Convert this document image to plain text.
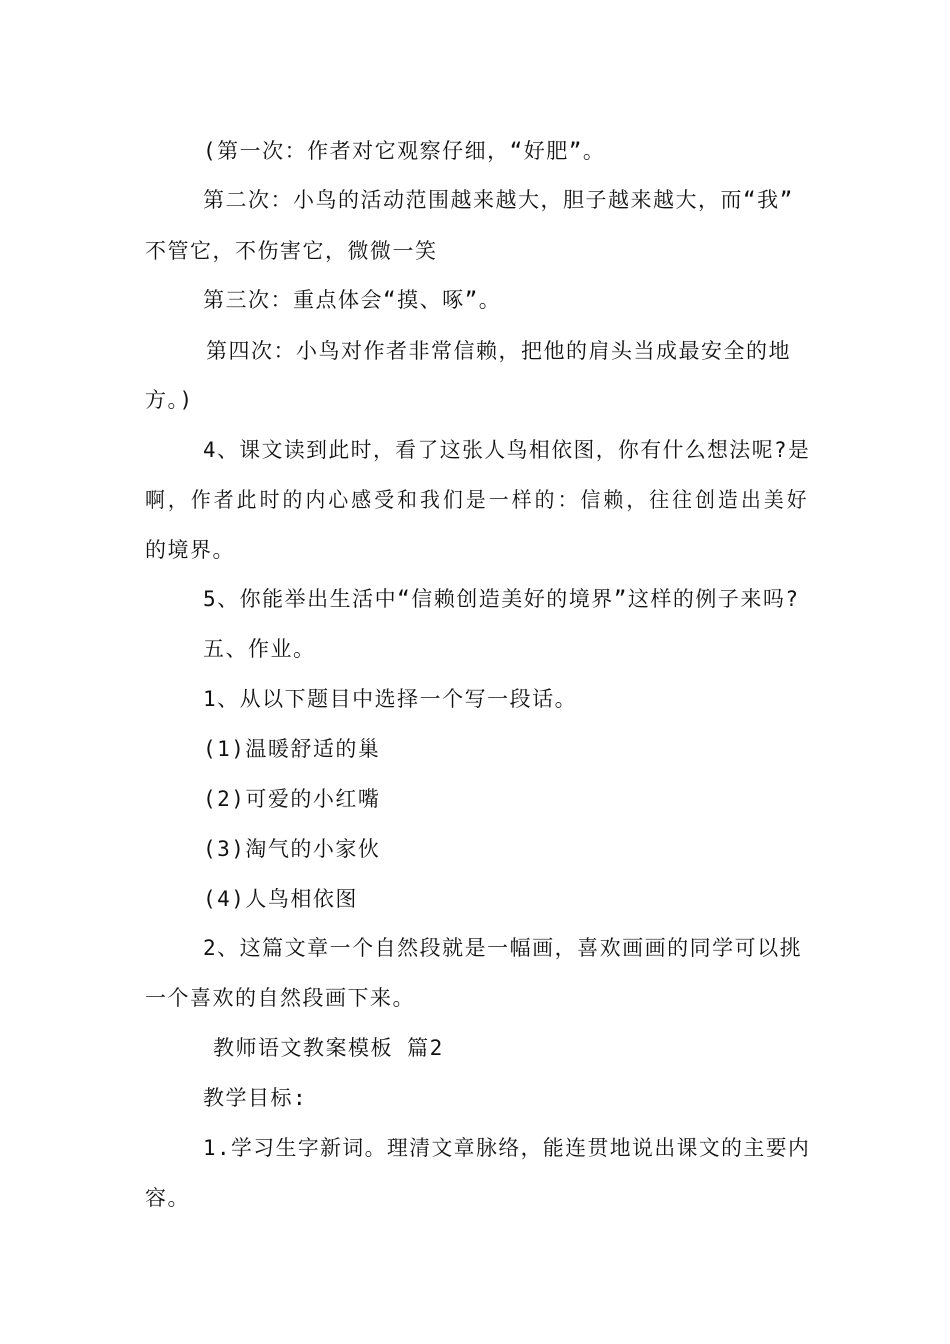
(第一次：作者对它观察仔细，“好肥”。
第二次：小鸟的活动范围越来越大，胆子越来越大，而“我”
不管它，不伤害它，微微一笑
第三次：重点体会“摸、啄”。
第四次：小鸟对作者非常信赖，把他的肩头当成最安全的地
方。)
4、课文读到此时，看了这张人鸟相依图，你有什么想法呢?是
啊，作者此时的内心感受和我们是一样的：信赖，往往创造出美好
的境界。
5、你能举出生活中“信赖创造美好的境界”这样的例子来吗?
五、作业。
1、从以下题目中选择一个写一段话。
(1)温暖舒适的巢
(2)可爱的小红嘴
(3)淘气的小家伙
(4)人鸟相依图
2、这篇文章一个自然段就是一幅画，喜欢画画的同学可以挑
一个喜欢的自然段画下来。
教师语文教案模板 篇2
教学目标:
1.学习生字新词。理清文章脉络，能连贯地说出课文的主要内
容。
